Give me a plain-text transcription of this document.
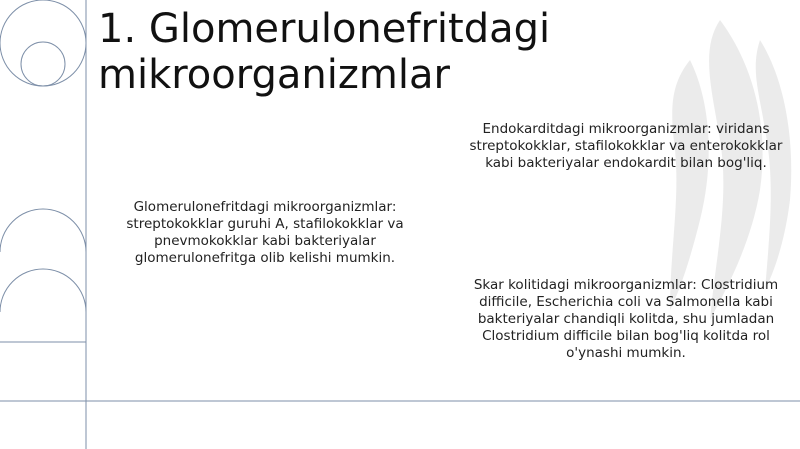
1. Glomerulonefritdagi mikroorganizmlar

Glomerulonefritdagi mikroorganizmlar: streptokokklar guruhi A, stafilokokklar va pnevmokokklar kabi bakteriyalar glomerulonefritga olib kelishi mumkin.

Endokarditdagi mikroorganizmlar: viridans streptokokklar, stafilokokklar va enterokokklar kabi bakteriyalar endokardit bilan bog'liq.

Skar kolitidagi mikroorganizmlar: Clostridium difficile, Escherichia coli va Salmonella kabi bakteriyalar chandiqli kolitda, shu jumladan Clostridium difficile bilan bog'liq kolitda rol o'ynashi mumkin.
